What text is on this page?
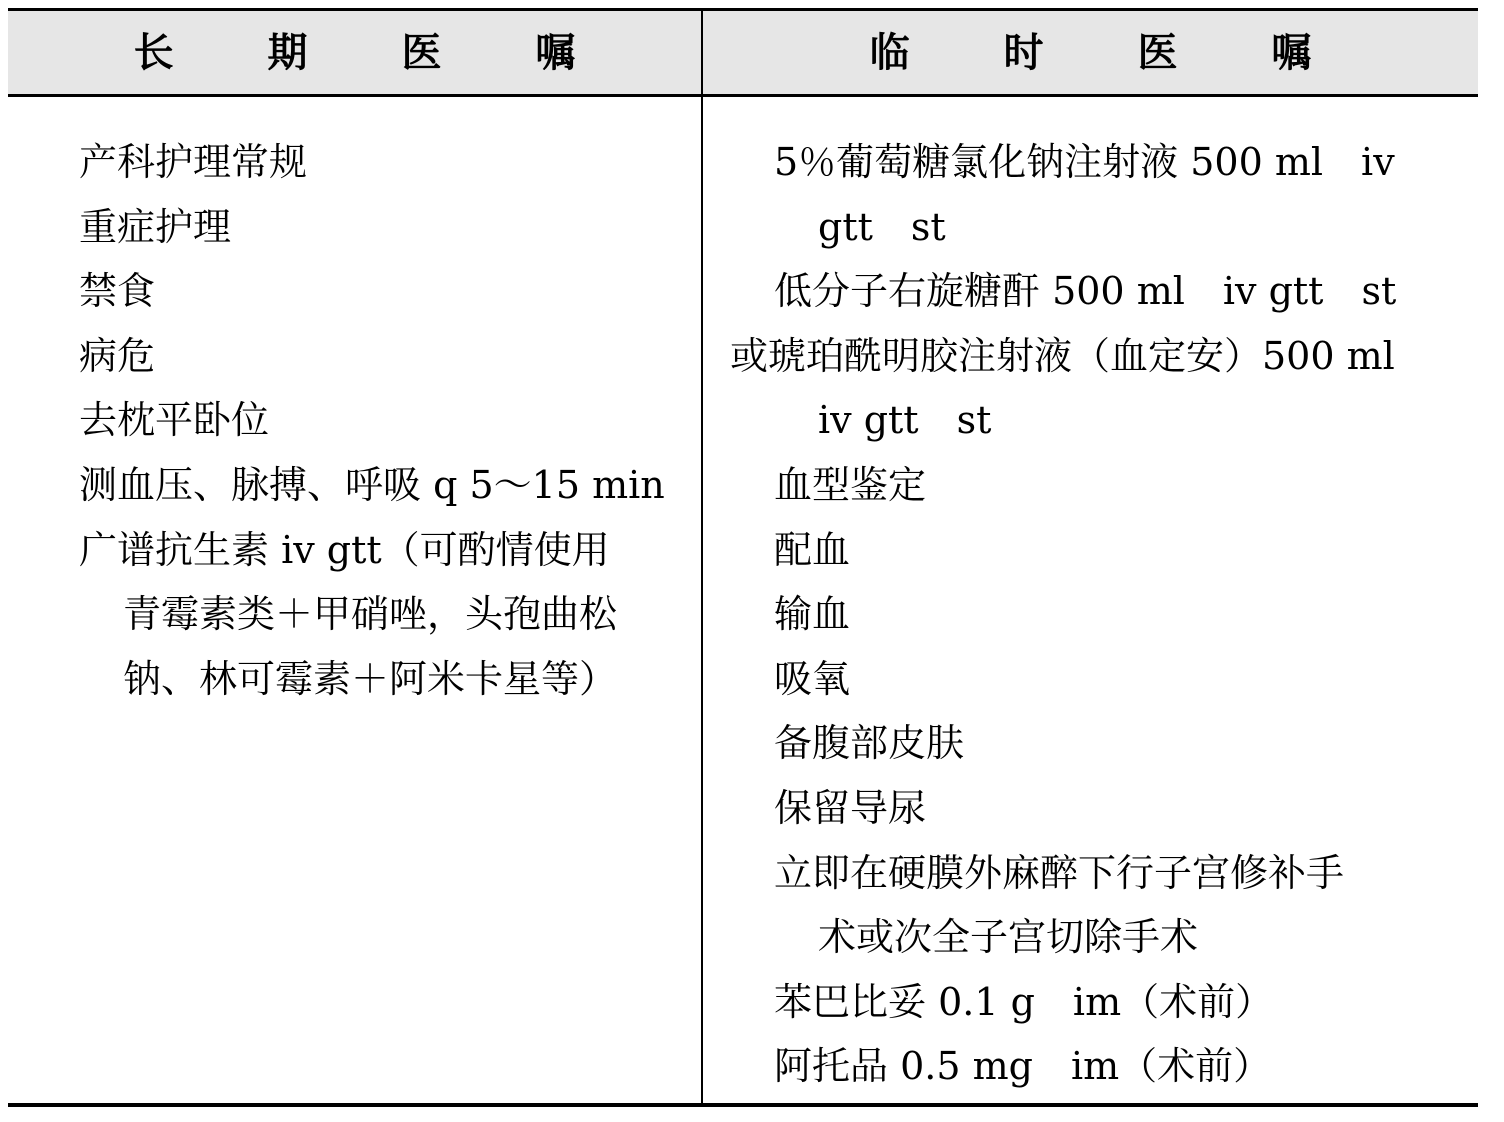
长 期 医 嘱	临 时 医 嘱

产科护理常规

重症护理

禁食

病危

去枕平卧位

测血压、脉搏、呼吸 q 5～15 min

广谱抗生素 iv gtt（可酌情使用

青霉素类＋甲硝唑，头孢曲松

钠、林可霉素＋阿米卡星等）

5％葡萄糖氯化钠注射液 500 ml　iv

gtt　st

低分子右旋糖酐 500 ml　iv gtt　st

或琥珀酰明胶注射液（血定安）500 ml

iv gtt　st

血型鉴定

配血

输血

吸氧

备腹部皮肤

保留导尿

立即在硬膜外麻醉下行子宫修补手

术或次全子宫切除手术

苯巴比妥 0.1 g　im（术前）

阿托品 0.5 mg　im（术前）
